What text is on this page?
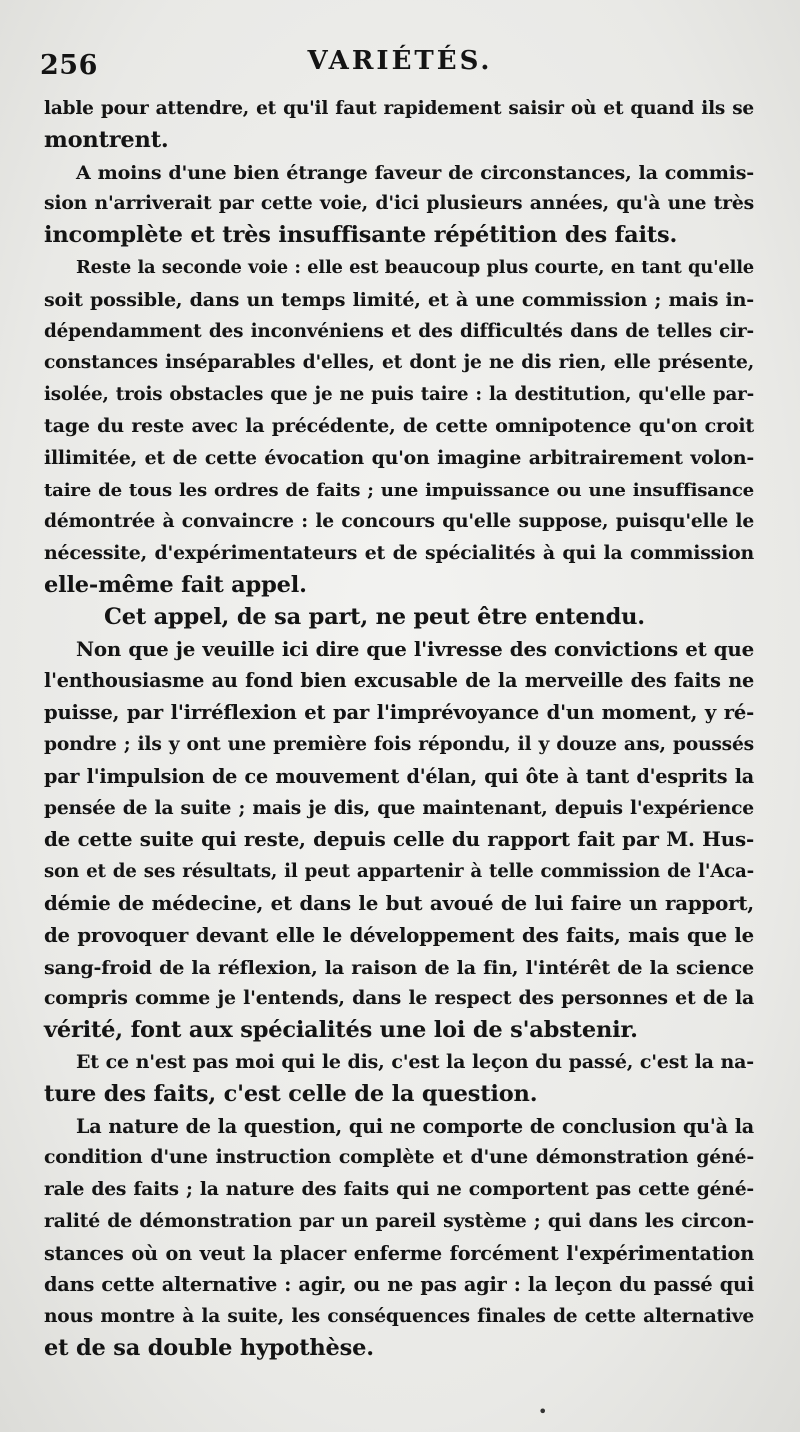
256	VARIÉTÉS.
lable pour attendre, et qu'il faut rapidement saisir où et quand ils se
montrent.
A moins d'une bien étrange faveur de circonstances, la commis-
sion n'arriverait par cette voie, d'ici plusieurs années, qu'à une très
incomplète et très insuffisante répétition des faits.
Reste la seconde voie : elle est beaucoup plus courte, en tant qu'elle
soit possible, dans un temps limité, et à une commission ; mais in-
dépendamment des inconvéniens et des difficultés dans de telles cir-
constances inséparables d'elles, et dont je ne dis rien, elle présente,
isolée, trois obstacles que je ne puis taire : la destitution, qu'elle par-
tage du reste avec la précédente, de cette omnipotence qu'on croit
illimitée, et de cette évocation qu'on imagine arbitrairement volon-
taire de tous les ordres de faits ; une impuissance ou une insuffisance
démontrée à convaincre : le concours qu'elle suppose, puisqu'elle le
nécessite, d'expérimentateurs et de spécialités à qui la commission
elle-même fait appel.
Cet appel, de sa part, ne peut être entendu.
Non que je veuille ici dire que l'ivresse des convictions et que
l'enthousiasme au fond bien excusable de la merveille des faits ne
puisse, par l'irréflexion et par l'imprévoyance d'un moment, y ré-
pondre ; ils y ont une première fois répondu, il y douze ans, poussés
par l'impulsion de ce mouvement d'élan, qui ôte à tant d'esprits la
pensée de la suite ; mais je dis, que maintenant, depuis l'expérience
de cette suite qui reste, depuis celle du rapport fait par M. Hus-
son et de ses résultats, il peut appartenir à telle commission de l'Aca-
démie de médecine, et dans le but avoué de lui faire un rapport,
de provoquer devant elle le développement des faits, mais que le
sang-froid de la réflexion, la raison de la fin, l'intérêt de la science
compris comme je l'entends, dans le respect des personnes et de la
vérité, font aux spécialités une loi de s'abstenir.
Et ce n'est pas moi qui le dis, c'est la leçon du passé, c'est la na-
ture des faits, c'est celle de la question.
La nature de la question, qui ne comporte de conclusion qu'à la
condition d'une instruction complète et d'une démonstration géné-
rale des faits ; la nature des faits qui ne comportent pas cette géné-
ralité de démonstration par un pareil système ; qui dans les circon-
stances où on veut la placer enferme forcément l'expérimentation
dans cette alternative : agir, ou ne pas agir : la leçon du passé qui
nous montre à la suite, les conséquences finales de cette alternative
et de sa double hypothèse.
•
